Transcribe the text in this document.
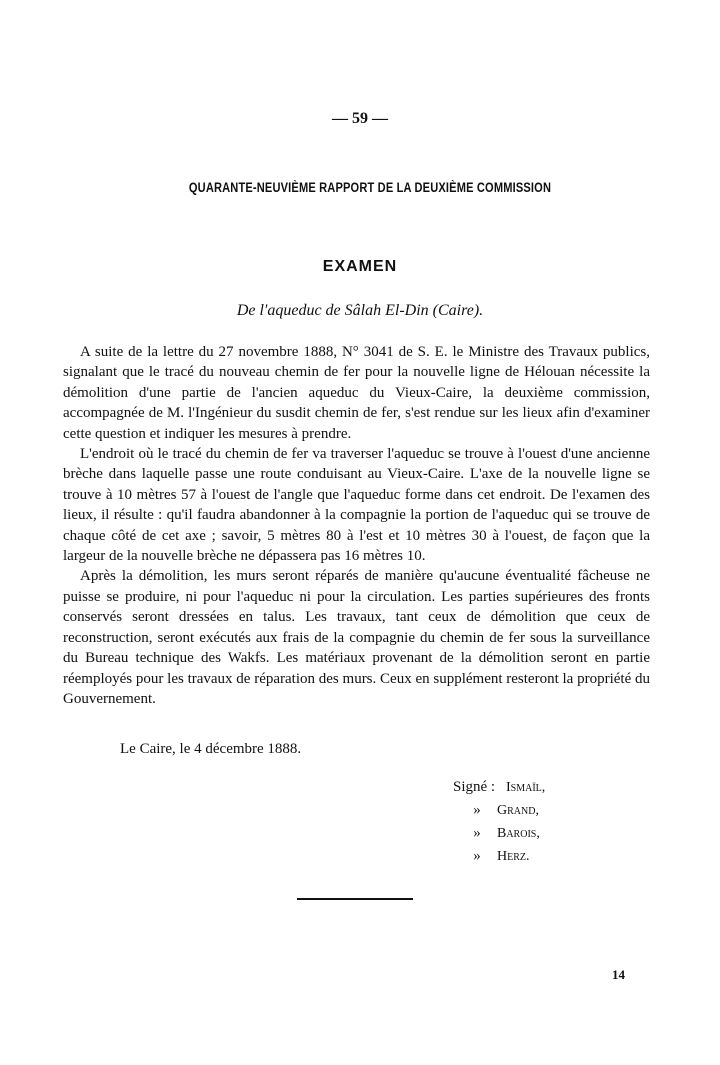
— 59 —
QUARANTE-NEUVIÈME RAPPORT DE LA DEUXIÈME COMMISSION
EXAMEN
De l'aqueduc de Sâlah El-Din (Caire).

A suite de la lettre du 27 novembre 1888, N° 3041 de S. E. le Ministre des Travaux publics, signalant que le tracé du nouveau chemin de fer pour la nouvelle ligne de Hélouan nécessite la démolition d'une partie de l'ancien aqueduc du Vieux-Caire, la deuxième commission, accompagnée de M. l'Ingénieur du susdit chemin de fer, s'est rendue sur les lieux afin d'examiner cette question et indiquer les mesures à prendre.

L'endroit où le tracé du chemin de fer va traverser l'aqueduc se trouve à l'ouest d'une ancienne brèche dans laquelle passe une route conduisant au Vieux-Caire. L'axe de la nouvelle ligne se trouve à 10 mètres 57 à l'ouest de l'angle que l'aqueduc forme dans cet endroit. De l'examen des lieux, il résulte : qu'il faudra abandonner à la compagnie la portion de l'aqueduc qui se trouve de chaque côté de cet axe ; savoir, 5 mètres 80 à l'est et 10 mètres 30 à l'ouest, de façon que la largeur de la nouvelle brèche ne dépassera pas 16 mètres 10.

Après la démolition, les murs seront réparés de manière qu'aucune éventualité fâcheuse ne puisse se produire, ni pour l'aqueduc ni pour la circulation. Les parties supérieures des fronts conservés seront dressées en talus. Les travaux, tant ceux de démolition que ceux de reconstruction, seront exécutés aux frais de la compagnie du chemin de fer sous la surveillance du Bureau technique des Wakfs. Les matériaux provenant de la démolition seront en partie réemployés pour les travaux de réparation des murs. Ceux en supplément resteront la propriété du Gouvernement.

Le Caire, le 4 décembre 1888.
Signé : Ismaïl,
»	Grand,
»	Barois,
»	Herz.
14
